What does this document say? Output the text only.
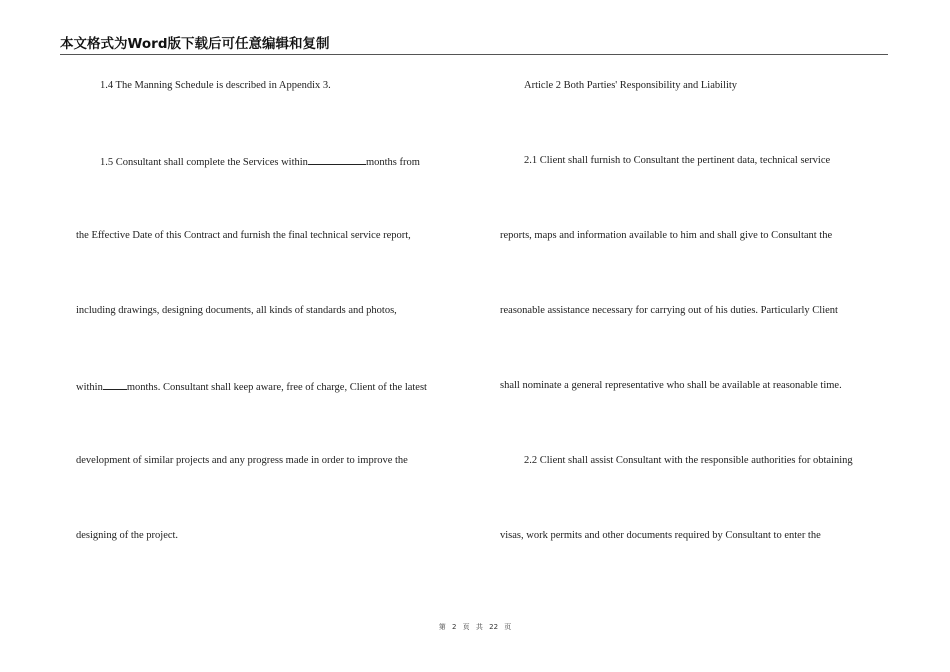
本文格式为Word版下载后可任意编辑和复制
1.4 The Manning Schedule is described in Appendix 3.
1.5 Consultant shall complete the Services within	months from
the Effective Date of this Contract and furnish the final technical service report,
including drawings, designing documents, all kinds of standards and photos,
within months. Consultant shall keep aware, free of charge, Client of the latest
development of similar projects and any progress made in order to improve the
designing of the project.
Article 2 Both Parties' Responsibility and Liability
2.1 Client shall furnish to Consultant the pertinent data, technical service
reports, maps and information available to him and shall give to Consultant the
reasonable assistance necessary for carrying out of his duties. Particularly Client
shall nominate a general representative who shall be available at reasonable time.
2.2 Client shall assist Consultant with the responsible authorities for obtaining
visas, work permits and other documents required by Consultant to enter the
第 2 页 共 22 页
